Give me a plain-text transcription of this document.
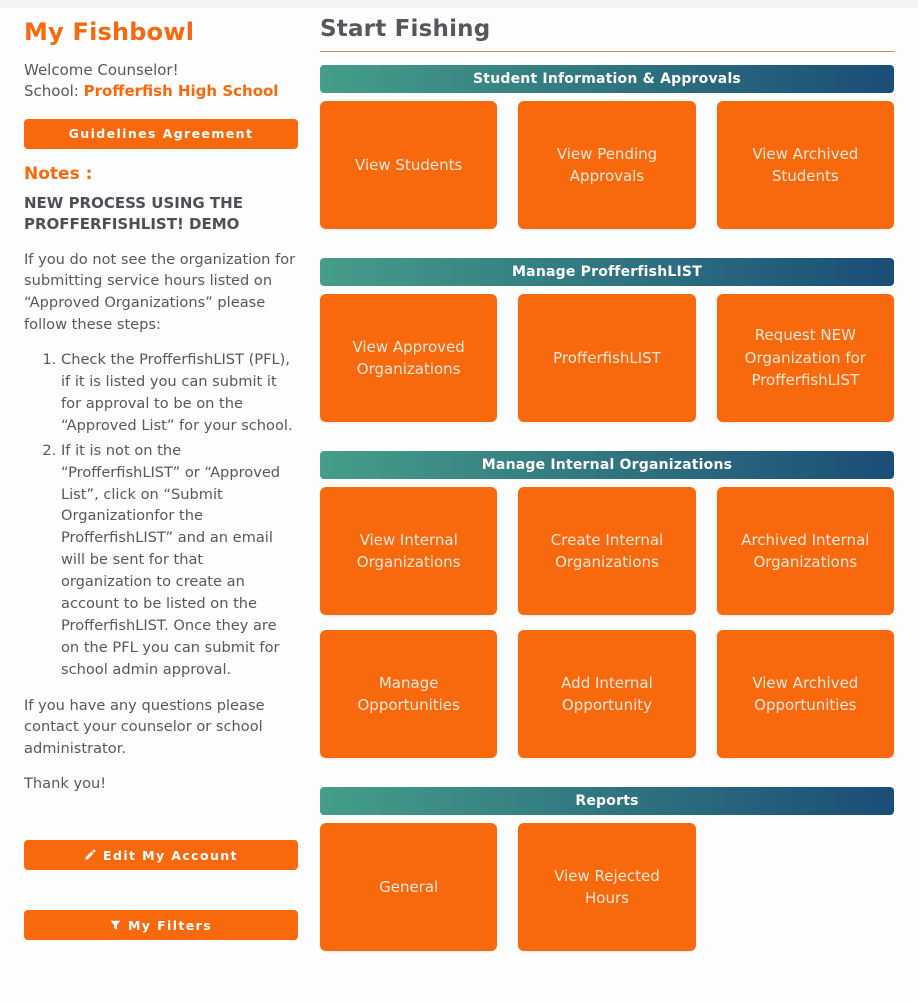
My Fishbowl
Welcome Counselor!
School: Profferfish High School
Guidelines Agreement
Notes :
NEW PROCESS USING THE PROFFERFISHLIST! DEMO

If you do not see the organization for submitting service hours listed on “Approved Organizations” please follow these steps:

1. Check the ProfferfishLIST (PFL), if it is listed you can submit it for approval to be on the “Approved List” for your school.
2. If it is not on the “ProfferfishLIST” or “Approved List”, click on “Submit Organizationfor the ProfferfishLIST” and an email will be sent for that organization to create an account to be listed on the ProfferfishLIST. Once they are on the PFL you can submit for school admin approval.

If you have any questions please contact your counselor or school administrator.

Thank you!

Edit My Account
My Filters
Start Fishing
Student Information & Approvals
View Students
View Pending Approvals
View Archived Students
Manage ProfferfishLIST
View Approved Organizations
ProfferfishLIST
Request NEW Organization for ProfferfishLIST
Manage Internal Organizations
View Internal Organizations
Create Internal Organizations
Archived Internal Organizations
Manage Opportunities
Add Internal Opportunity
View Archived Opportunities
Reports
General
View Rejected Hours
